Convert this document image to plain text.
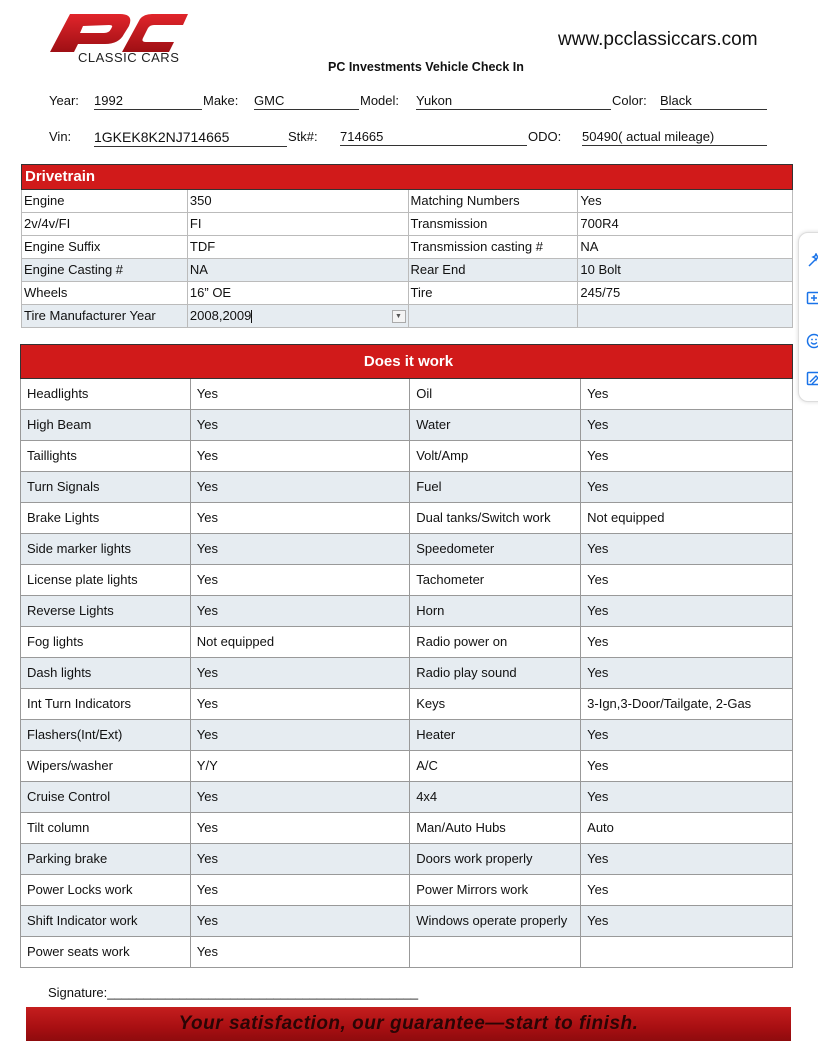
CLASSIC CARS
www.pcclassiccars.com
PC Investments Vehicle Check In
Year: 1992	Make: GMC	Model: Yukon	Color: Black
Vin: 1GKEK8K2NJ714665	Stk#: 714665	ODO: 50490( actual mileage)
Drivetrain			
Engine	350	Matching Numbers	Yes
2v/4v/FI	FI	Transmission	700R4
Engine Suffix	TDF	Transmission casting #	NA
Engine Casting #	NA	Rear End	10 Bolt
Wheels	16” OE	Tire	245/75
Tire Manufacturer Year	2008,2009 ▼		

Does it work			
Headlights	Yes	Oil	Yes
High Beam	Yes	Water	Yes
Taillights	Yes	Volt/Amp	Yes
Turn Signals	Yes	Fuel	Yes
Brake Lights	Yes	Dual tanks/Switch work	Not equipped
Side marker lights	Yes	Speedometer	Yes
License plate lights	Yes	Tachometer	Yes
Reverse Lights	Yes	Horn	Yes
Fog lights	Not equipped	Radio power on	Yes
Dash lights	Yes	Radio play sound	Yes
Int Turn Indicators	Yes	Keys	3-Ign,3-Door/Tailgate, 2-Gas
Flashers(Int/Ext)	Yes	Heater	Yes
Wipers/washer	Y/Y	A/C	Yes
Cruise Control	Yes	4x4	Yes
Tilt column	Yes	Man/Auto Hubs	Auto
Parking brake	Yes	Doors work properly	Yes
Power Locks work	Yes	Power Mirrors work	Yes
Shift Indicator work	Yes	Windows operate properly	Yes
Power seats work	Yes		
Signature:___________________________________________
Your satisfaction, our guarantee—start to finish.
